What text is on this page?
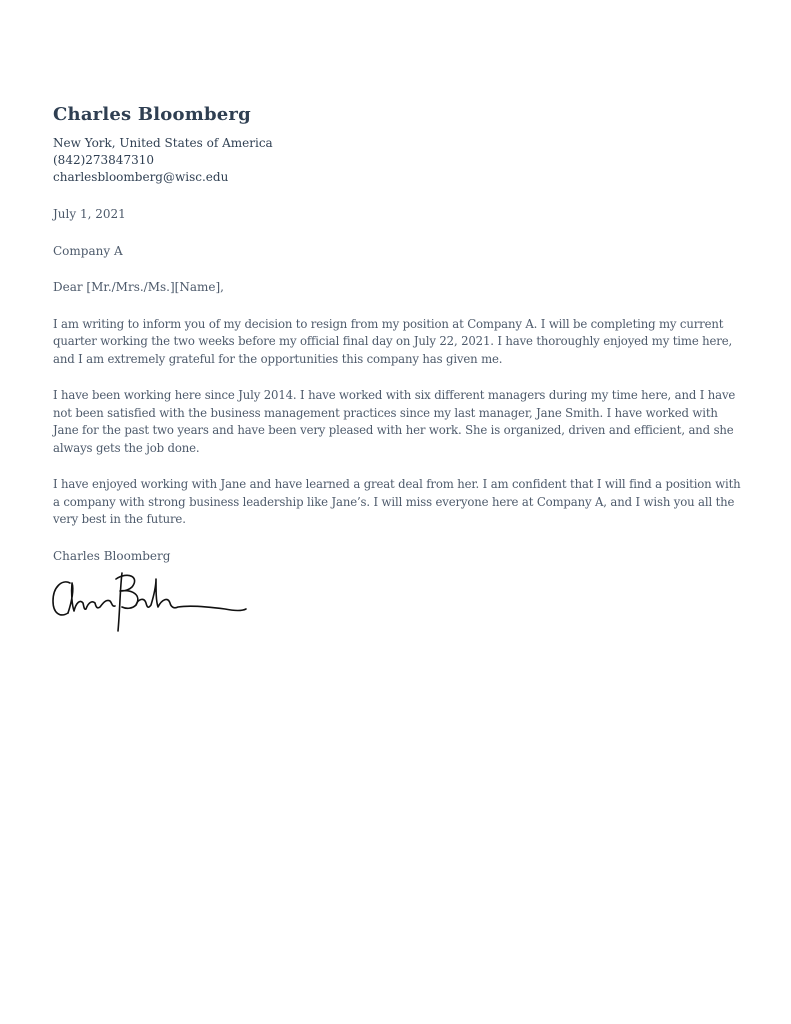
Charles Bloomberg
New York, United States of America
(842)273847310
charlesbloomberg@wisc.edu
July 1, 2021
Company A
Dear [Mr./Mrs./Ms.][Name],
I am writing to inform you of my decision to resign from my position at Company A. I will be completing my current quarter working the two weeks before my official final day on July 22, 2021. I have thoroughly enjoyed my time here, and I am extremely grateful for the opportunities this company has given me.
I have been working here since July 2014. I have worked with six different managers during my time here, and I have not been satisfied with the business management practices since my last manager, Jane Smith. I have worked with Jane for the past two years and have been very pleased with her work. She is organized, driven and efficient, and she always gets the job done.
I have enjoyed working with Jane and have learned a great deal from her. I am confident that I will find a position with a company with strong business leadership like Jane’s. I will miss everyone here at Company A, and I wish you all the very best in the future.
Charles Bloomberg
